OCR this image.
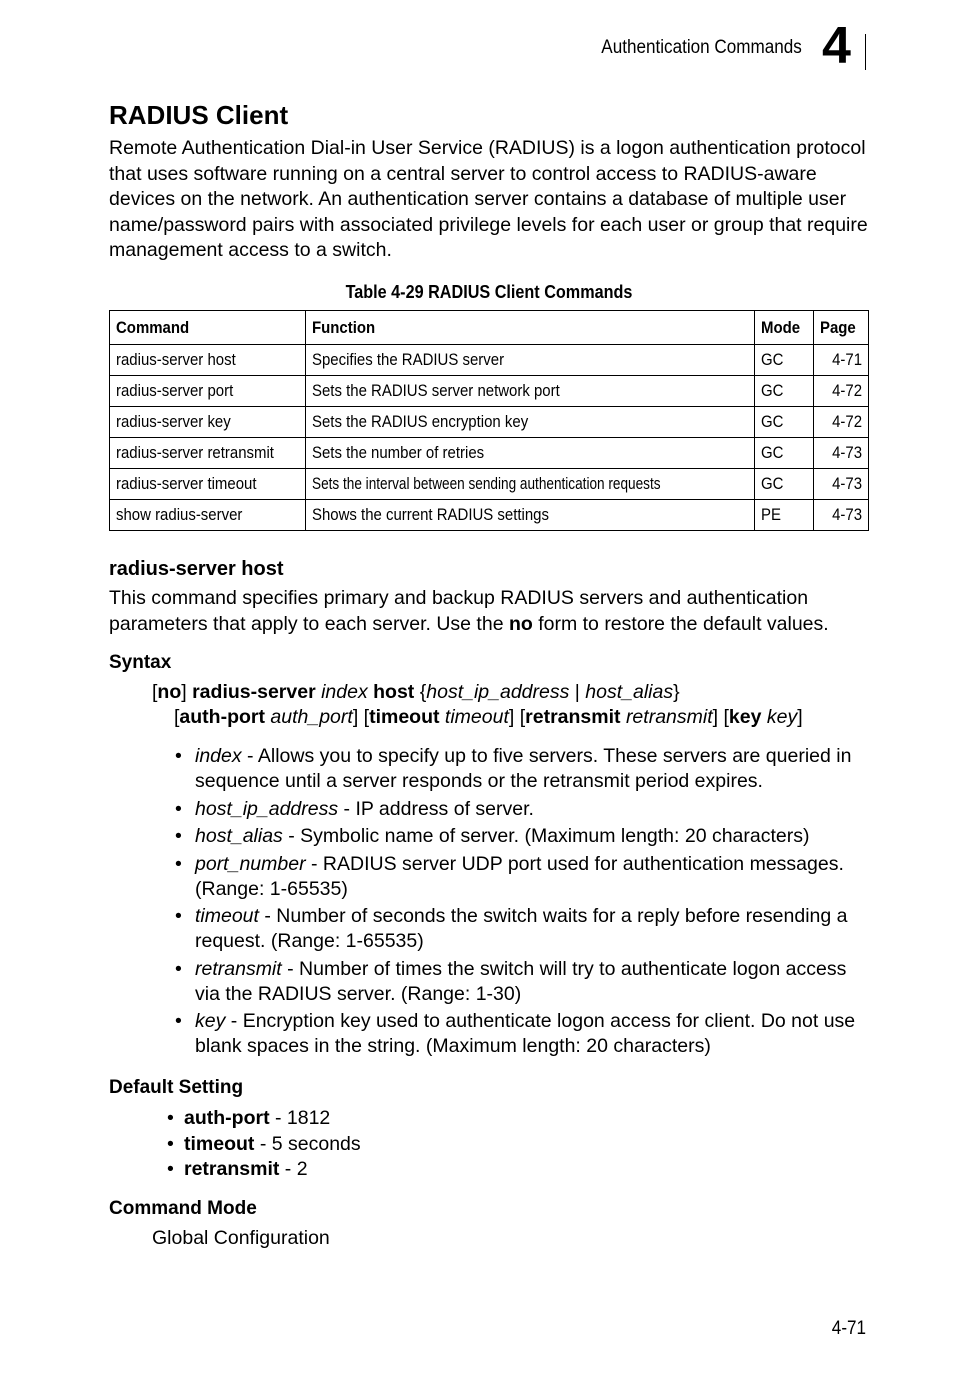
Authentication Commands 4
RADIUS Client

Remote Authentication Dial-in User Service (RADIUS) is a logon authentication protocol that uses software running on a central server to control access to RADIUS-aware devices on the network. An authentication server contains a database of multiple user name/password pairs with associated privilege levels for each user or group that require management access to a switch.

Table 4-29 RADIUS Client Commands
Command	Function	Mode	Page
radius-server host	Specifies the RADIUS server	GC	4-71
radius-server port	Sets the RADIUS server network port	GC	4-72
radius-server key	Sets the RADIUS encryption key	GC	4-72
radius-server retransmit	Sets the number of retries	GC	4-73
radius-server timeout	Sets the interval between sending authentication requests	GC	4-73
show radius-server	Shows the current RADIUS settings	PE	4-73
radius-server host

This command specifies primary and backup RADIUS servers and authentication parameters that apply to each server. Use the no form to restore the default values.

Syntax
[no] radius-server index host {host_ip_address | host_alias}
[auth-port auth_port] [timeout timeout] [retransmit retransmit] [key key]
• index - Allows you to specify up to five servers. These servers are queried in sequence until a server responds or the retransmit period expires.
• host_ip_address - IP address of server.
• host_alias - Symbolic name of server. (Maximum length: 20 characters)
• port_number - RADIUS server UDP port used for authentication messages. (Range: 1-65535)
• timeout - Number of seconds the switch waits for a reply before resending a request. (Range: 1-65535)
• retransmit - Number of times the switch will try to authenticate logon access via the RADIUS server. (Range: 1-30)
• key - Encryption key used to authenticate logon access for client. Do not use blank spaces in the string. (Maximum length: 20 characters)
Default Setting
• auth-port - 1812
• timeout - 5 seconds
• retransmit - 2
Command Mode
Global Configuration
4-71
